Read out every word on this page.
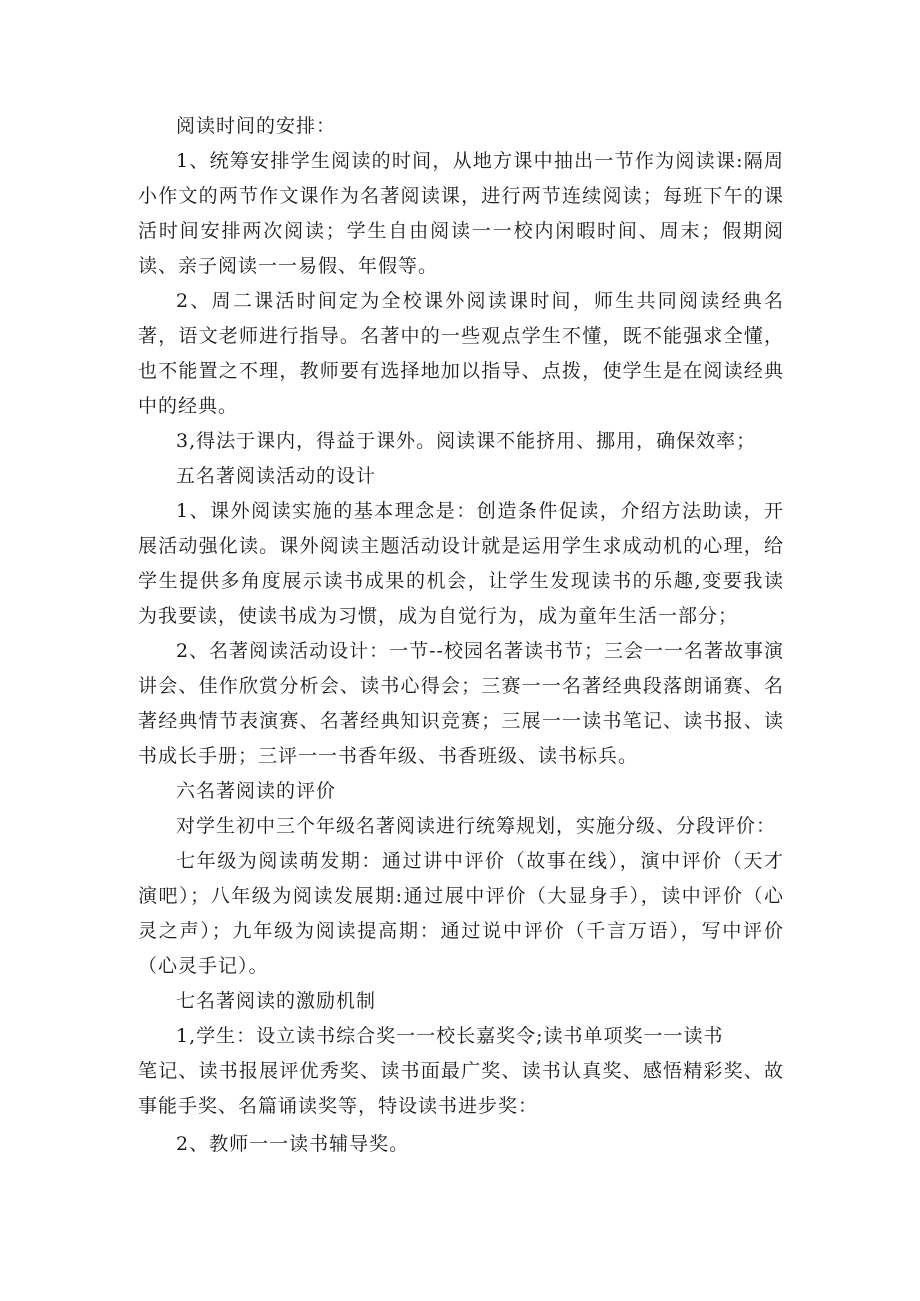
阅读时间的安排：

1、统筹安排学生阅读的时间，从地方课中抽出一节作为阅读课:隔周小作文的两节作文课作为名著阅读课，进行两节连续阅读；每班下午的课活时间安排两次阅读；学生自由阅读一一校内闲暇时间、周末；假期阅读、亲子阅读一一易假、年假等。

2、周二课活时间定为全校课外阅读课时间，师生共同阅读经典名著，语文老师进行指导。名著中的一些观点学生不懂，既不能强求全懂，也不能置之不理，教师要有选择地加以指导、点拨，使学生是在阅读经典中的经典。

3,得法于课内，得益于课外。阅读课不能挤用、挪用，确保效率；

五名著阅读活动的设计

1、课外阅读实施的基本理念是：创造条件促读，介绍方法助读，开展活动强化读。课外阅读主题活动设计就是运用学生求成动机的心理，给学生提供多角度展示读书成果的机会，让学生发现读书的乐趣,变要我读为我要读，使读书成为习惯，成为自觉行为，成为童年生活一部分；

2、名著阅读活动设计：一节--校园名著读书节；三会一一名著故事演讲会、佳作欣赏分析会、读书心得会；三赛一一名著经典段落朗诵赛、名著经典情节表演赛、名著经典知识竞赛；三展一一读书笔记、读书报、读书成长手册；三评一一书香年级、书香班级、读书标兵。

六名著阅读的评价

对学生初中三个年级名著阅读进行统筹规划，实施分级、分段评价：

七年级为阅读萌发期：通过讲中评价（故事在线），演中评价（天才演吧）；八年级为阅读发展期:通过展中评价（大显身手），读中评价（心灵之声）；九年级为阅读提高期：通过说中评价（千言万语），写中评价（心灵手记）。

七名著阅读的激励机制

1,学生：设立读书综合奖一一校长嘉奖令;读书单项奖一一读书

笔记、读书报展评优秀奖、读书面最广奖、读书认真奖、感悟精彩奖、故事能手奖、名篇诵读奖等，特设读书进步奖：

2、教师一一读书辅导奖。
